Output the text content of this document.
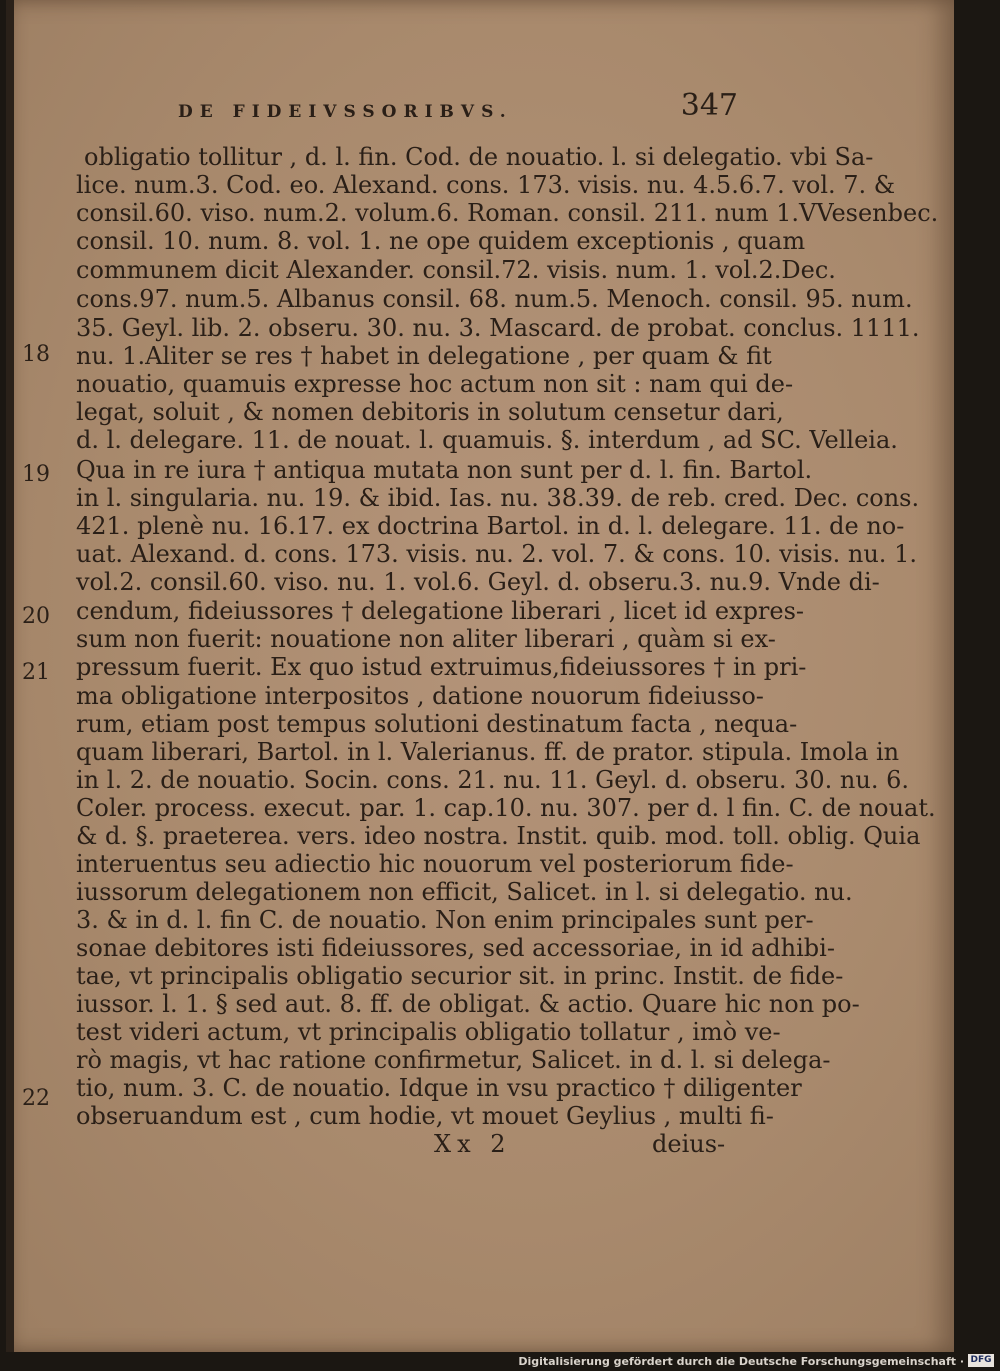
DE FIDEIVSSORIBVS.	347
18
19
20
21
22
obligatio tollitur , d. l. fin. Cod. de nouatio. l. si delegatio. vbi Sa-
lice. num.3. Cod. eo. Alexand. cons. 173. visis. nu. 4.5.6.7. vol. 7. &
consil.60. viso. num.2. volum.6. Roman. consil. 211. num 1.VVesenbec.
consil. 10. num. 8. vol. 1. ne ope quidem exceptionis , quam
communem dicit Alexander. consil.72. visis. num. 1. vol.2.Dec.
cons.97. num.5. Albanus consil. 68. num.5. Menoch. consil. 95. num.
35. Geyl. lib. 2. obseru. 30. nu. 3. Mascard. de probat. conclus. 1111.
nu. 1.Aliter se res † habet in delegatione , per quam & fit
nouatio, quamuis expresse hoc actum non sit : nam qui de-
legat, soluit , & nomen debitoris in solutum censetur dari,
d. l. delegare. 11. de nouat. l. quamuis. §. interdum , ad SC. Velleia.
Qua in re iura † antiqua mutata non sunt per d. l. fin. Bartol.
in l. singularia. nu. 19. & ibid. Ias. nu. 38.39. de reb. cred. Dec. cons.
421. plenè nu. 16.17. ex doctrina Bartol. in d. l. delegare. 11. de no-
uat. Alexand. d. cons. 173. visis. nu. 2. vol. 7. & cons. 10. visis. nu. 1.
vol.2. consil.60. viso. nu. 1. vol.6. Geyl. d. obseru.3. nu.9. Vnde di-
cendum, fideiussores † delegatione liberari , licet id expres-
sum non fuerit: nouatione non aliter liberari , quàm si ex-
pressum fuerit. Ex quo istud extruimus,fideiussores † in pri-
ma obligatione interpositos , datione nouorum fideiusso-
rum, etiam post tempus solutioni destinatum facta , nequa-
quam liberari, Bartol. in l. Valerianus. ff. de prator. stipula. Imola in
in l. 2. de nouatio. Socin. cons. 21. nu. 11. Geyl. d. obseru. 30. nu. 6.
Coler. process. execut. par. 1. cap.10. nu. 307. per d. l fin. C. de nouat.
& d. §. praeterea. vers. ideo nostra. Instit. quib. mod. toll. oblig. Quia
interuentus seu adiectio hic nouorum vel posteriorum fide-
iussorum delegationem non efficit, Salicet. in l. si delegatio. nu.
3. & in d. l. fin C. de nouatio. Non enim principales sunt per-
sonae debitores isti fideiussores, sed accessoriae, in id adhibi-
tae, vt principalis obligatio securior sit. in princ. Instit. de fide-
iussor. l. 1. § sed aut. 8. ff. de obligat. & actio. Quare hic non po-
test videri actum, vt principalis obligatio tollatur , imò ve-
rò magis, vt hac ratione confirmetur, Salicet. in d. l. si delega-
tio, num. 3. C. de nouatio. Idque in vsu practico † diligenter
obseruandum est , cum hodie, vt mouet Geylius , multi fi-
Xx 2	deius-
Digitalisierung gefördert durch die Deutsche Forschungsgemeinschaft · DFG
